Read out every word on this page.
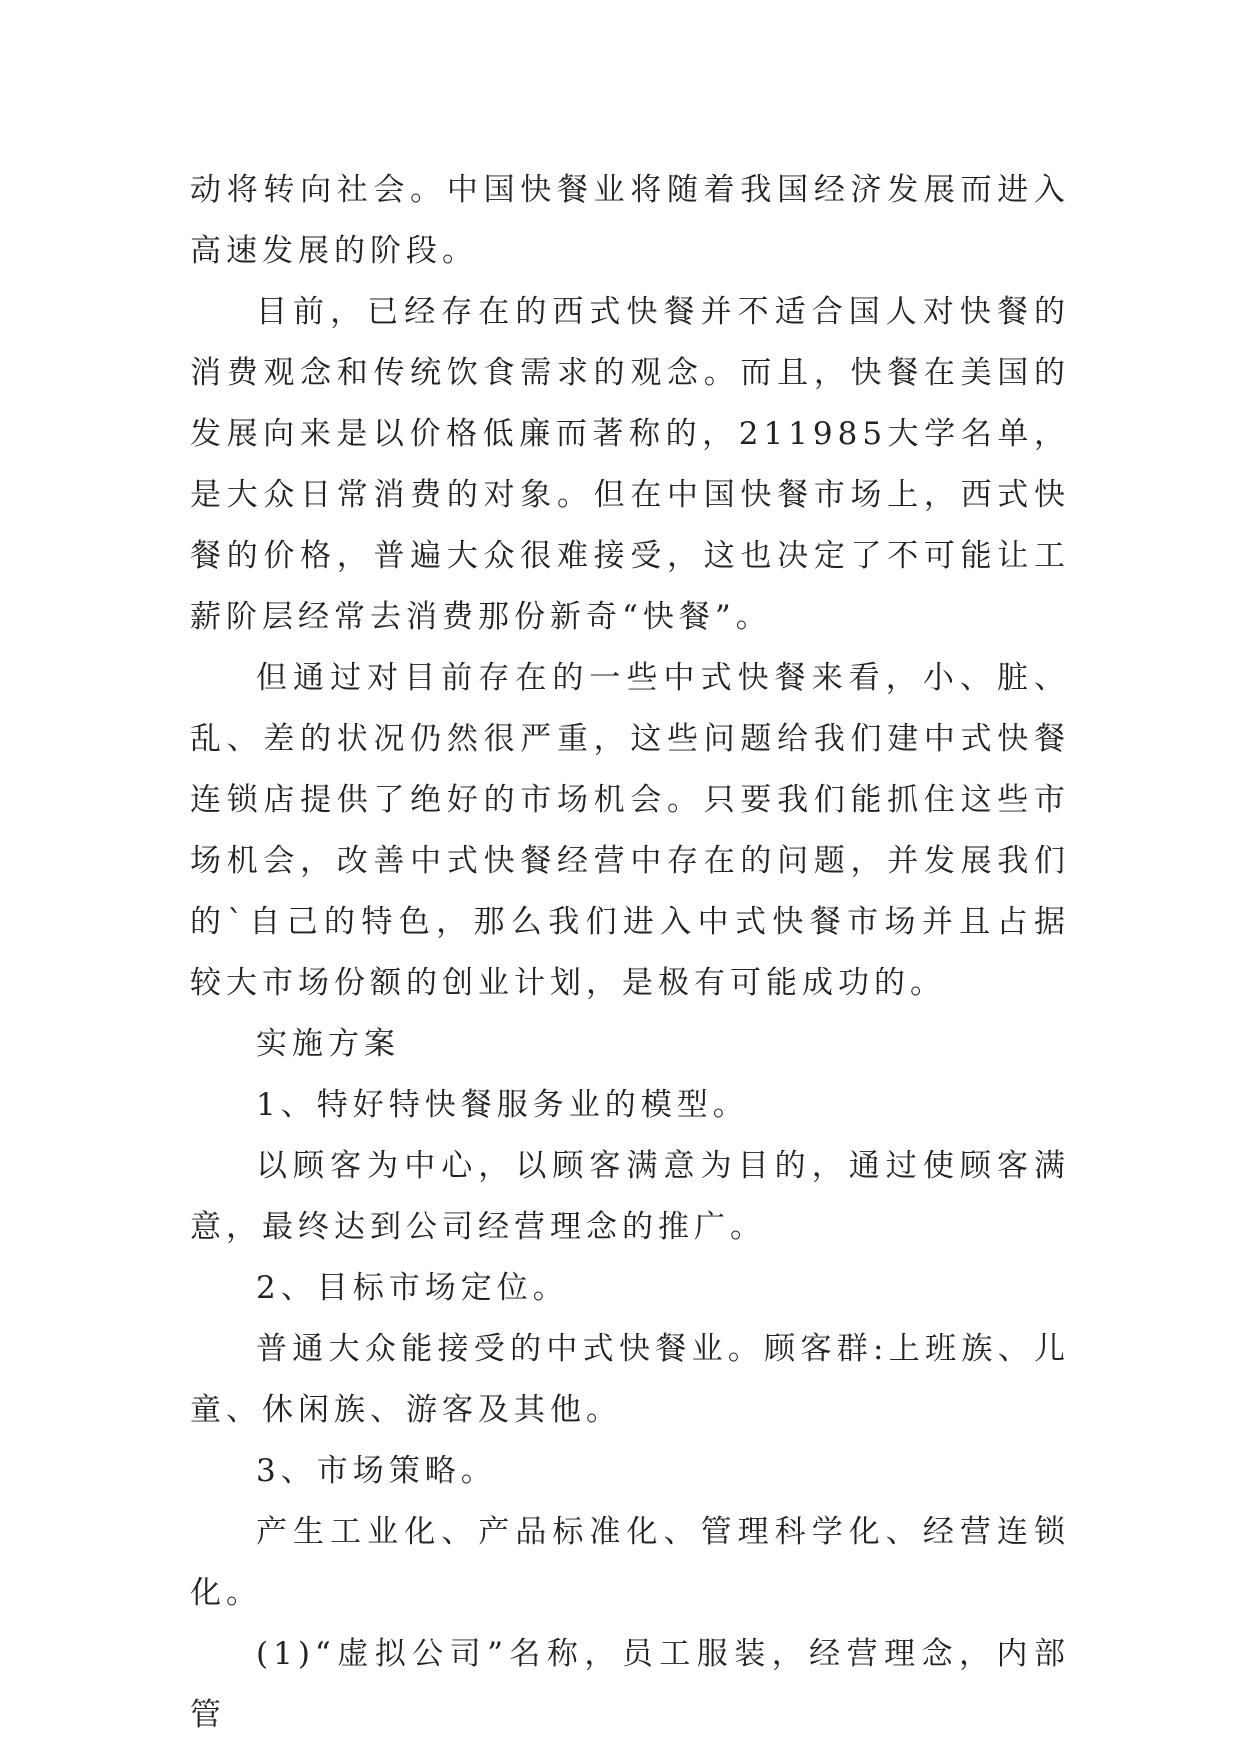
动将转向社会。中国快餐业将随着我国经济发展而进入高速发展的阶段。

目前，已经存在的西式快餐并不适合国人对快餐的消费观念和传统饮食需求的观念。而且，快餐在美国的发展向来是以价格低廉而著称的，211985大学名单，是大众日常消费的对象。但在中国快餐市场上，西式快餐的价格，普遍大众很难接受，这也决定了不可能让工薪阶层经常去消费那份新奇“快餐”。

但通过对目前存在的一些中式快餐来看，小、脏、乱、差的状况仍然很严重，这些问题给我们建中式快餐连锁店提供了绝好的市场机会。只要我们能抓住这些市场机会，改善中式快餐经营中存在的问题，并发展我们的`自己的特色，那么我们进入中式快餐市场并且占据较大市场份额的创业计划，是极有可能成功的。

实施方案

1、特好特快餐服务业的模型。

以顾客为中心，以顾客满意为目的，通过使顾客满意，最终达到公司经营理念的推广。

2、目标市场定位。

普通大众能接受的中式快餐业。顾客群:上班族、儿童、休闲族、游客及其他。

3、市场策略。

产生工业化、产品标准化、管理科学化、经营连锁化。

(1)“虚拟公司”名称，员工服装，经营理念，内部管
